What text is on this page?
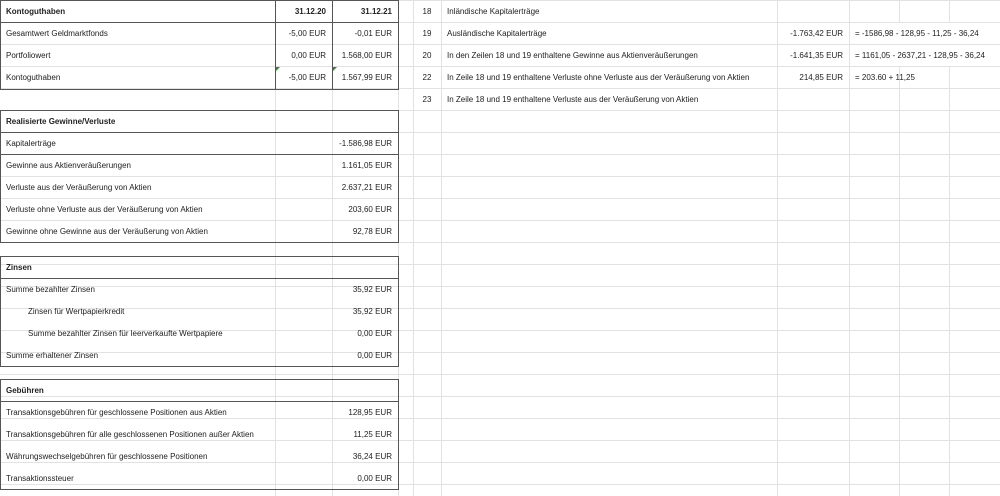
Kontoguthaben	31.12.20	31.12.21
Gesamtwert Geldmarktfonds	-5,00 EUR	-0,01 EUR
Portfoliowert	0,00 EUR	1.568,00 EUR
Kontoguthaben	-5,00 EUR	1.567,99 EUR
Realisierte Gewinne/Verluste
Kapitalerträge	-1.586,98 EUR
Gewinne aus Aktienveräußerungen	1.161,05 EUR
Verluste aus der Veräußerung von Aktien	2.637,21 EUR
Verluste ohne Verluste aus der Veräußerung von Aktien	203,60 EUR
Gewinne ohne Gewinne aus der Veräußerung von Aktien	92,78 EUR
Zinsen
Summe bezahlter Zinsen	35,92 EUR
Zinsen für Wertpapierkredit	35,92 EUR
Summe bezahlter Zinsen für leerverkaufte Wertpapiere	0,00 EUR
Summe erhaltener Zinsen	0,00 EUR
Gebühren
Transaktionsgebühren für geschlossene Positionen aus Aktien	128,95 EUR
Transaktionsgebühren für alle geschlossenen Positionen außer Aktien	11,25 EUR
Währungswechselgebühren für geschlossene Positionen	36,24 EUR
Transaktionssteuer	0,00 EUR
18	Inländische Kapitalerträge
19	Ausländische Kapitalerträge	-1.763,42 EUR	= -1586,98 - 128,95 - 11,25 - 36,24
20	In den Zeilen 18 und 19 enthaltene Gewinne aus Aktienveräußerungen	-1.641,35 EUR	= 1161,05 - 2637,21 - 128,95 - 36,24
22	In Zeile 18 und 19 enthaltene Verluste ohne Verluste aus der Veräußerung von Aktien	214,85 EUR	= 203.60 + 11,25
23	In Zeile 18 und 19 enthaltene Verluste aus der Veräußerung von Aktien
